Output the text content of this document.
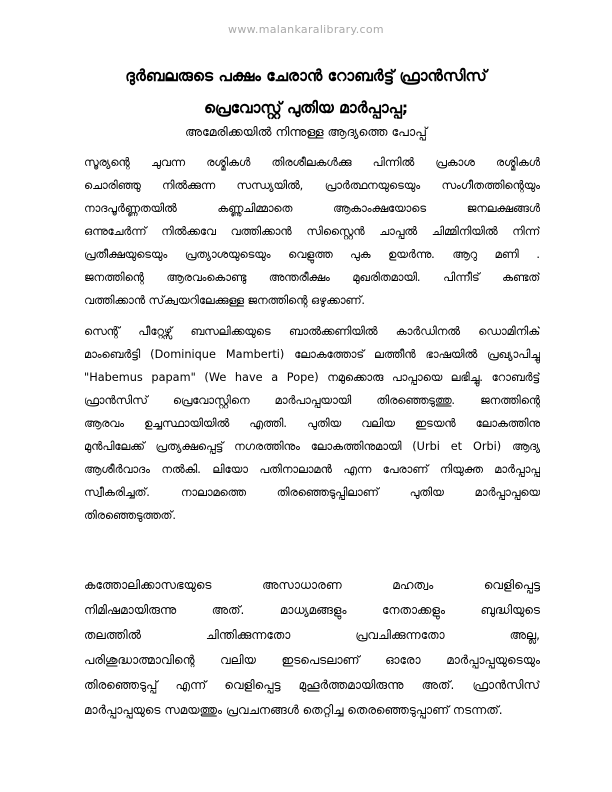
www.malankaralibrary.com
ദുർബലരുടെ പക്ഷം ചേരാൻ റോബർട്ട് ഫ്രാൻസിസ്
പ്രെവോസ്റ്റ് പുതിയ മാർപ്പാപ്പ;
അമേരിക്കയിൽ നിന്നുള്ള ആദ്യത്തെ പോപ്പ്
സൂര്യന്റെ ചുവന്ന രശ്മികൾ തിരശീലകൾക്കു പിന്നിൽ പ്രകാശ രശ്മികൾ
ചൊരിഞ്ഞു നിൽക്കുന്ന സന്ധ്യയിൽ, പ്രാർത്ഥനയുടെയും സംഗീതത്തിന്റെയും
നാദപൂർണ്ണതയിൽ കണ്ണുചിമ്മാതെ ആകാംക്ഷയോടെ ജനലക്ഷങ്ങൾ
ഒന്നുചേർന്ന് നിൽക്കവേ വത്തിക്കാൻ സിസ്റ്റൈൻ ചാപ്പൽ ചിമ്മിനിയിൽ നിന്ന്
പ്രതീക്ഷയുടെയും പ്രത്യാശയുടെയും വെളുത്ത പുക ഉയർന്നു. ആറു മണി .
ജനത്തിന്റെ ആരവംകൊണ്ടു അന്തരീക്ഷം മുഖരിതമായി. പിന്നീട് കണ്ടത്
വത്തിക്കാൻ സ്‌ക്വയറിലേക്കുള്ള ജനത്തിന്റെ ഒഴുക്കാണ്.
സെന്റ് പീറ്റേഴ്സ് ബസലിക്കയുടെ ബാൽക്കണിയിൽ കാർഡിനൽ ഡൊമിനിക്
മാംബെർട്ടി (Dominique Mamberti) ലോകത്തോട് ലത്തീൻ ഭാഷയിൽ പ്രഖ്യാപിച്ചു
"Habemus papam" (We have a Pope) നമുക്കൊരു പാപ്പായെ ലഭിച്ചു. റോബർട്ട്
ഫ്രാൻസിസ് പ്രെവോസ്റ്റിനെ മാർപാപ്പയായി തിരഞ്ഞെടുത്തു. ജനത്തിന്റെ
ആരവം ഉച്ചസ്ഥായിയിൽ എത്തി. പുതിയ വലിയ ഇടയൻ ലോകത്തിനു
മുൻപിലേക്ക് പ്രത്യക്ഷപ്പെട്ട് നഗരത്തിനും ലോകത്തിനുമായി (Urbi et Orbi) ആദ്യ
ആശീർവാദം നൽകി. ലിയോ പതിനാലാമൻ എന്ന പേരാണ് നിയുക്ത മാർപ്പാപ്പ
സ്വീകരിച്ചത്. നാലാമത്തെ തിരഞ്ഞെടുപ്പിലാണ് പുതിയ മാർപ്പാപ്പയെ
തിരഞ്ഞെടുത്തത്.
കത്തോലിക്കാസഭയുടെ അസാധാരണ മഹത്വം വെളിപ്പെട്ട
നിമിഷമായിരുന്നു അത്. മാധ്യമങ്ങളും നേതാക്കളും ബുദ്ധിയുടെ
തലത്തിൽ ചിന്തിക്കുന്നതോ പ്രവചിക്കുന്നതോ അല്ല,
പരിശുദ്ധാത്മാവിന്റെ വലിയ ഇടപെടലാണ് ഓരോ മാർപ്പാപ്പയുടെയും
തിരഞ്ഞെടുപ്പ് എന്ന് വെളിപ്പെട്ട മുഹൂർത്തമായിരുന്നു അത്. ഫ്രാൻസിസ്
മാർപ്പാപ്പയുടെ സമയത്തും പ്രവചനങ്ങൾ തെറ്റിച്ച തെരഞ്ഞെടുപ്പാണ് നടന്നത്.
